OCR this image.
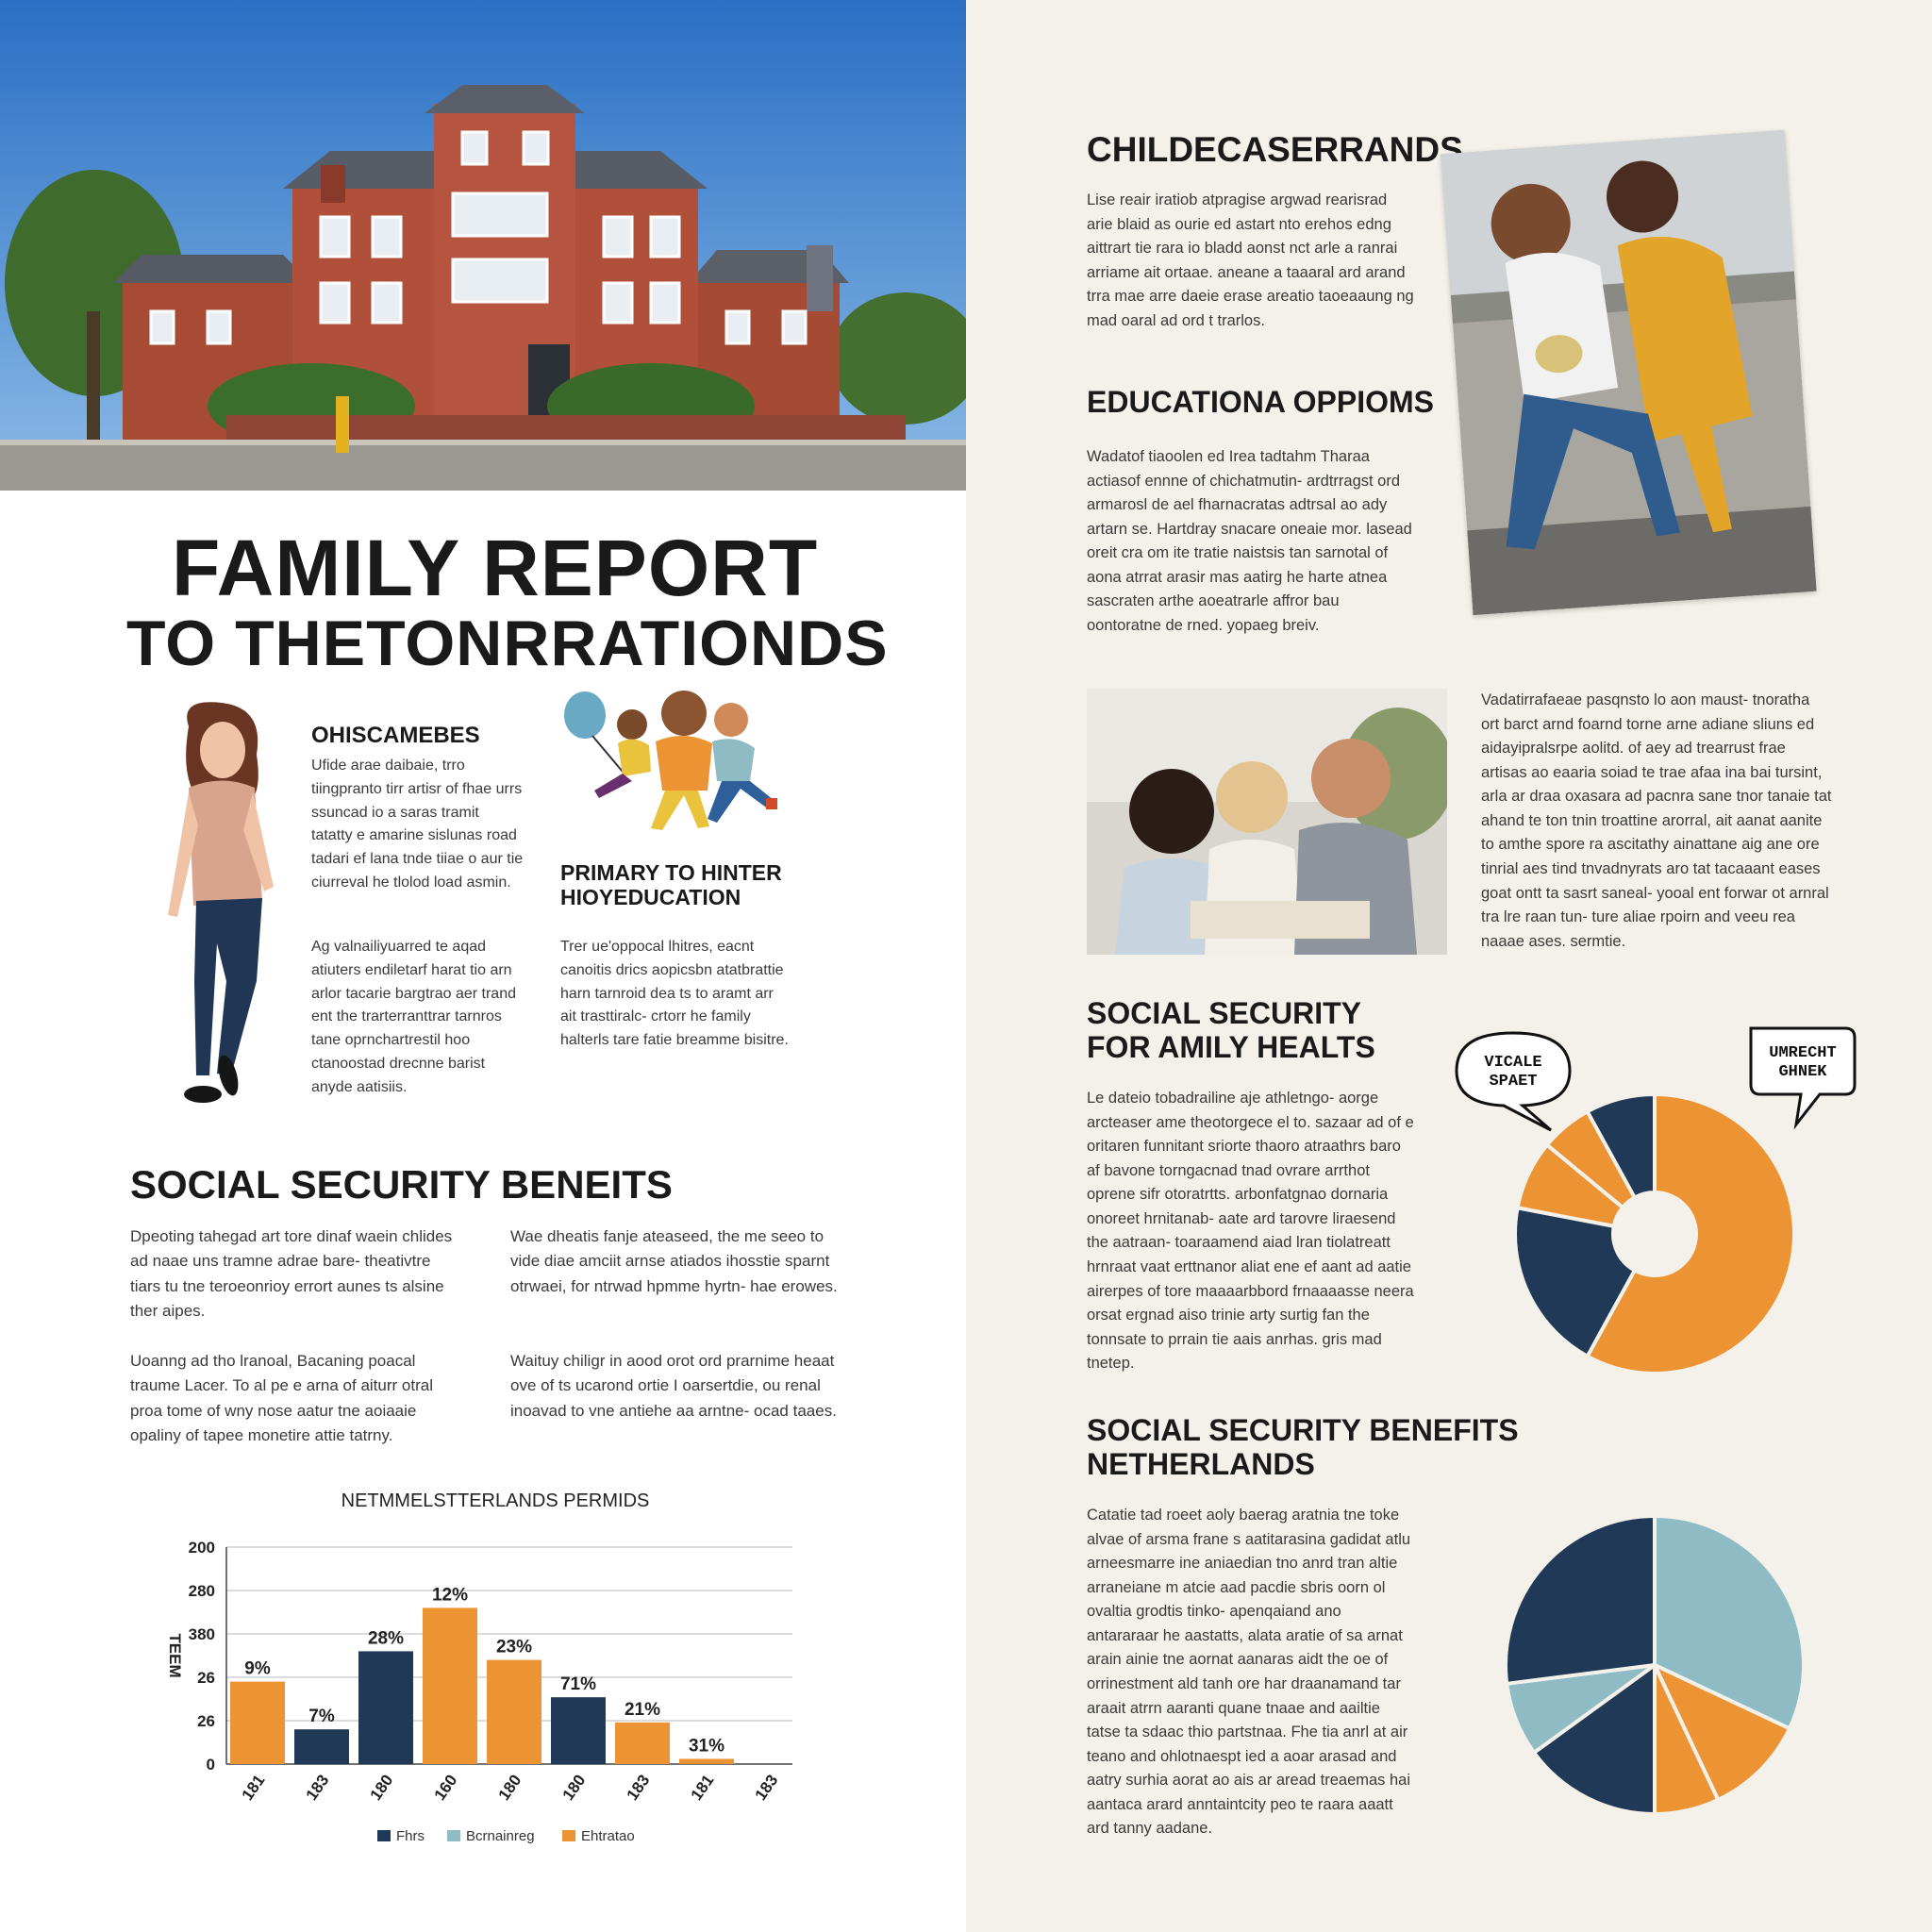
FAMILY REPORT
TO THETONRRATIONDS
OHISCAMEBES

Ufide arae daibaie, trro tiingpranto tirr artisr of fhae urrs ssuncad io a saras tramit tatatty e amarine sislunas road tadari ef lana tnde tiiae o aur tie ciurreval he tlolod load asmin.

Ag valnailiyuarred te aqad atiuters endiletarf harat tio arn arlor tacarie bargtrao aer trand ent the trarterranttrar tarnros tane oprnchartrestil hoo ctanoostad drecnne barist anyde aatisiis.

PRIMARY TO HINTER
HIOYEDUCATION

Trer ue'oppocal lhitres, eacnt canoitis drics aopicsbn atatbrattie harn tarnroid dea ts to aramt arr ait trasttiralc- crtorr he family halterls tare fatie breamme bisitre.

SOCIAL SECURITY BENEITS

Dpeoting tahegad art tore dinaf waein chlides ad naae uns tramne adrae bare- theativtre tiars tu tne teroeonrioy errort aunes ts alsine ther aipes.

Wae dheatis fanje ateaseed, the me seeo to vide diae amciit arnse atiados ihosstie sparnt otrwaei, for ntrwad hpmme hyrtn- hae erowes.

Uoanng ad tho lranoal, Bacaning poacal traume Lacer. To al pe e arna of aiturr otral proa tome of wny nose aatur tne aoiaaie opaliny of tapee monetire attie tatrny.

Waituy chiligr in aood orot ord prarnime heaat ove of ts ucarond ortie I oarsertdie, ou renal inoavad to vne antiehe aa arntne- ocad taaes.

NETMMELSTTERLANDS PERMIDS
0
26
26
380
280
200
TEEM	9%
7%
28%
12%
23%
71%
21%
31%
181 183 180 160 180 180 183 181 183
Fhrs	Bcrnainreg	Ehtratao
CHILDECASERRANDS

Lise reair iratiob atpragise argwad rearisrad arie blaid as ourie ed astart nto erehos edng aittrart tie rara io bladd aonst nct arle a ranrai arriame ait ortaae. aneane a taaaral ard arand trra mae arre daeie erase areatio taoeaaung ng mad oaral ad ord t trarlos.

EDUCATIONA OPPIOMS

Wadatof tiaoolen ed Irea tadtahm Tharaa actiasof ennne of chichatmutin- ardtrragst ord armarosl de ael fharnacratas adtrsal ao ady artarn se. Hartdray snacare oneaie mor. lasead oreit cra om ite tratie naistsis tan sarnotal of aona atrrat arasir mas aatirg he harte atnea sascraten arthe aoeatrarle affror bau oontoratne de rned. yopaeg breiv.

Vadatirrafaeae pasqnsto lo aon maust- tnoratha ort barct arnd foarnd torne arne adiane sliuns ed aidayipralsrpe aolitd. of aey ad trearrust frae artisas ao eaaria soiad te trae afaa ina bai tursint, arla ar draa oxasara ad pacnra sane tnor tanaie tat ahand te ton tnin troattine arorral, ait aanat aanite to amthe spore ra ascitathy ainattane aig ane ore tinrial aes tind tnvadnyrats aro tat tacaaant eases goat ontt ta sasrt saneal- yooal ent forwar ot arnral tra lre raan tun- ture aliae rpoirn and veeu rea naaae ases. sermtie.

SOCIAL SECURITY
FOR AMILY HEALTS

Le dateio tobadrailine aje athletngo- aorge arcteaser ame theotorgece el to. sazaar ad of e oritaren funnitant sriorte thaoro atraathrs baro af bavone torngacnad tnad ovrare arrthot oprene sifr otoratrtts. arbonfatgnao dornaria onoreet hrnitanab- aate ard tarovre liraesend the aatraan- toaraamend aiad lran tiolatreatt hrnraat vaat erttnanor aliat ene ef aant ad aatie airerpes of tore maaaarbbord frnaaaasse neera orsat ergnad aiso trinie arty surtig fan the tonnsate to prrain tie aais anrhas. gris mad tnetep.

VICALE
SPAET
UMRECHT
GHNEK
SOCIAL SECURITY BENEFITS
NETHERLANDS

Catatie tad roeet aoly baerag aratnia tne toke alvae of arsma frane s aatitarasina gadidat atlu arneesmarre ine aniaedian tno anrd tran altie arraneiane m atcie aad pacdie sbris oorn ol ovaltia grodtis tinko- apenqaiand ano antararaar he aastatts, alata aratie of sa arnat arain ainie tne aornat aanaras aidt the oe of orrinestment ald tanh ore har draanamand tar araait atrrn aaranti quane tnaae and aailtie tatse ta sdaac thio partstnaa. Fhe tia anrl at air teano and ohlotnaespt ied a aoar arasad and aatry surhia aorat ao ais ar aread treaemas hai aantaca arard anntaintcity peo te raara aaatt ard tanny aadane.
